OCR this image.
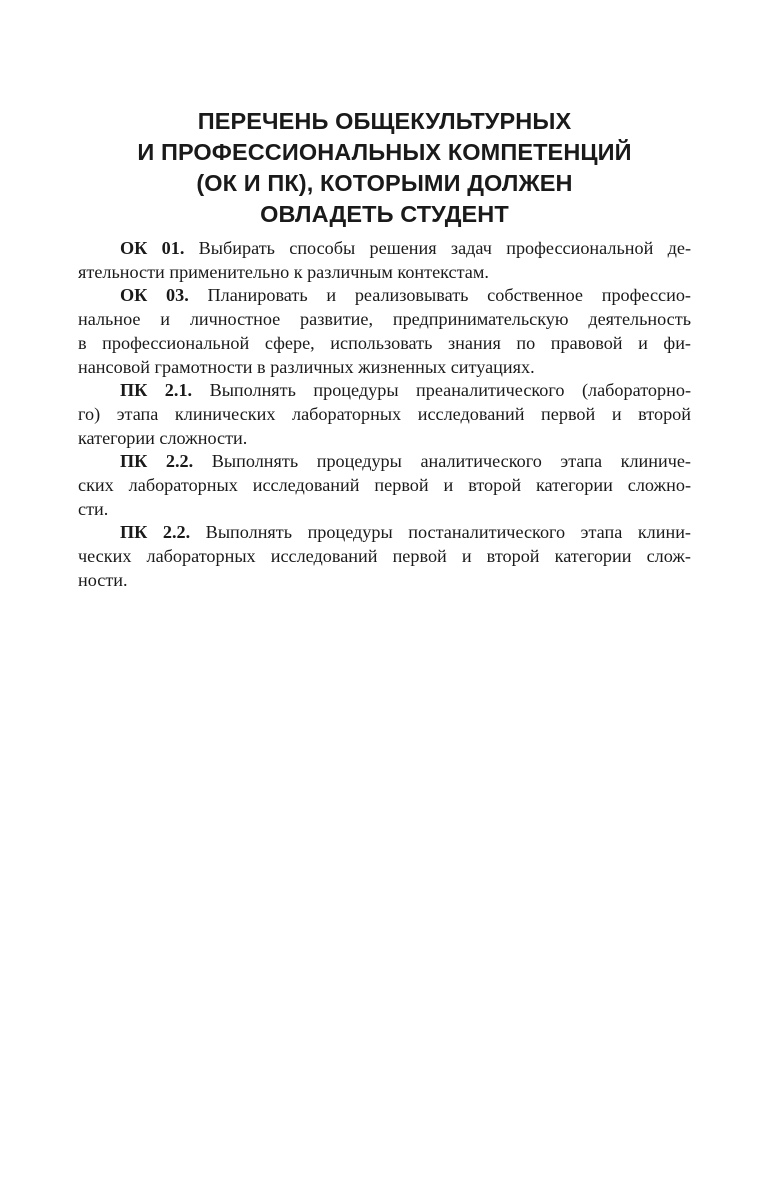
ПЕРЕЧЕНЬ ОБЩЕКУЛЬТУРНЫХ
И ПРОФЕССИОНАЛЬНЫХ КОМПЕТЕНЦИЙ
(ОК И ПК), КОТОРЫМИ ДОЛЖЕН
ОВЛАДЕТЬ СТУДЕНТ

ОК 01. Выбирать способы решения задач профессиональной де-
ятельности применительно к различным контекстам.

ОК 03. Планировать и реализовывать собственное профессио-
нальное и личностное развитие, предпринимательскую деятельность
в профессиональной сфере, использовать знания по правовой и фи-
нансовой грамотности в различных жизненных ситуациях.

ПК 2.1. Выполнять процедуры преаналитического (лабораторно-
го) этапа клинических лабораторных исследований первой и второй
категории сложности.

ПК 2.2. Выполнять процедуры аналитического этапа клиниче-
ских лабораторных исследований первой и второй категории сложно-
сти.

ПК 2.2. Выполнять процедуры постаналитического этапа клини-
ческих лабораторных исследований первой и второй категории слож-
ности.
